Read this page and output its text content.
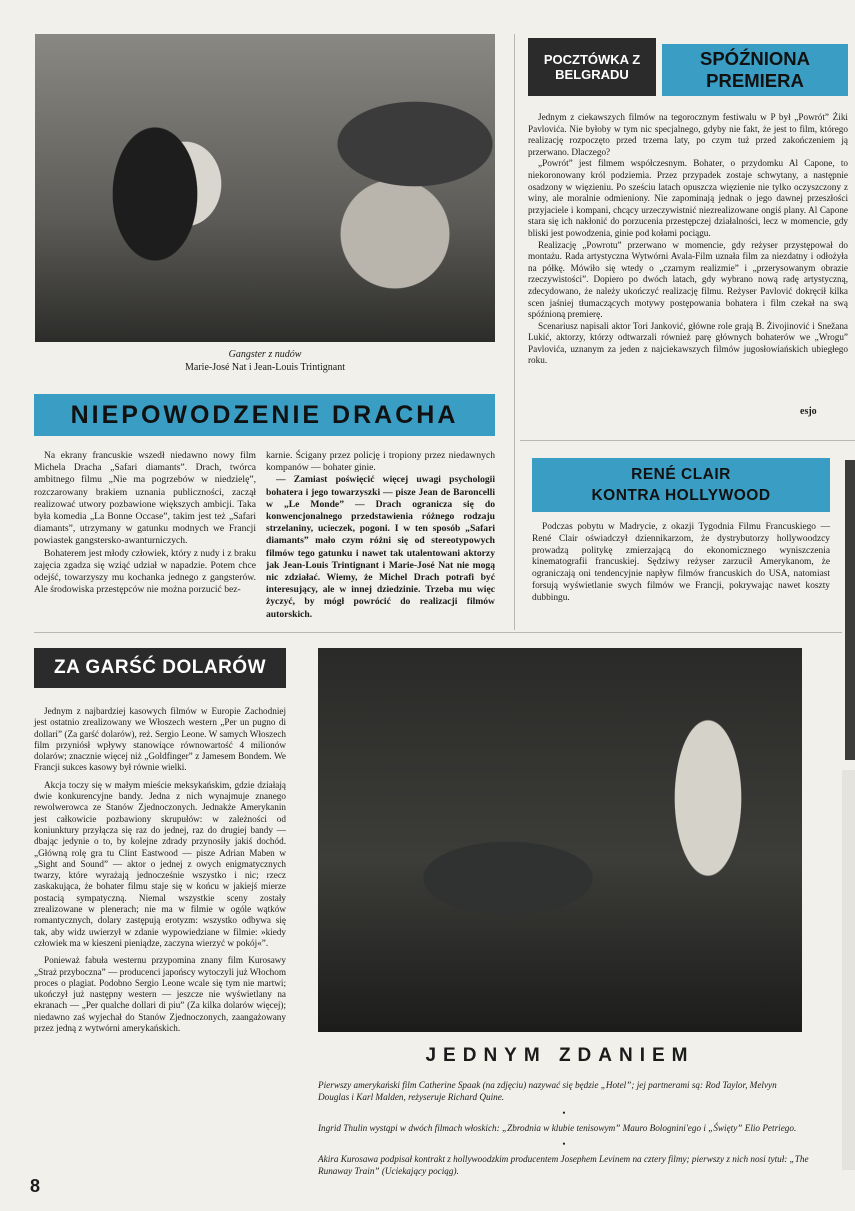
Gangster z nudów
Marie-José Nat i Jean-Louis Trintignant
NIEPOWODZENIE DRACHA

Na ekrany francuskie wszedł niedawno nowy film Michela Dracha „Safari diamants”. Drach, twórca ambitnego filmu „Nie ma pogrzebów w niedzielę”, rozczarowany brakiem uznania publiczności, zaczął realizować utwory pozbawione większych ambicji. Taka była komedia „La Bonne Occase”, takim jest też „Safari diamants”, utrzymany w gatunku modnych we Francji powiastek gangstersko-awanturniczych.

Bohaterem jest młody człowiek, który z nudy i z braku zajęcia zgadza się wziąć udział w napadzie. Potem chce odejść, towarzyszy mu kochanka jednego z gangsterów. Ale środowiska przestępców nie można porzucić bez-

karnie. Ścigany przez policję i tropiony przez niedawnych kompanów — bohater ginie.

— Zamiast poświęcić więcej uwagi psychologii bohatera i jego towarzyszki — pisze Jean de Baroncelli w „Le Monde” — Drach ogranicza się do konwencjonalnego przedstawienia różnego rodzaju strzelaniny, ucieczek, pogoni. I w ten sposób „Safari diamants” mało czym różni się od stereotypowych filmów tego gatunku i nawet tak utalentowani aktorzy jak Jean-Louis Trintignant i Marie-José Nat nie mogą nic zdziałać. Wiemy, że Michel Drach potrafi być interesujący, ale w innej dziedzinie. Trzeba mu więc życzyć, by mógł powrócić do realizacji filmów autorskich.

POCZTÓWKA Z BELGRADU
SPÓŹNIONA PREMIERA

Jednym z ciekawszych filmów na tegorocznym festiwalu w P był „Powrót” Żiki Pavlovića. Nie byłoby w tym nic specjalnego, gdyby nie fakt, że jest to film, którego realizację rozpoczęto przed trzema laty, po czym tuż przed zakończeniem ją przerwano. Dlaczego?

„Powrót” jest filmem współczesnym. Bohater, o przydomku Al Capone, to niekoronowany król podziemia. Przez przypadek zostaje schwytany, a następnie osadzony w więzieniu. Po sześciu latach opuszcza więzienie nie tylko oczyszczony z winy, ale moralnie odmieniony. Nie zapominają jednak o jego dawnej przeszłości przyjaciele i kompani, chcący urzeczywistnić niezrealizowane ongiś plany. Al Capone stara się ich nakłonić do porzucenia przestępczej działalności, lecz w momencie, gdy bliski jest powodzenia, ginie pod kołami pociągu.

Realizację „Powrotu” przerwano w momencie, gdy reżyser przystępował do montażu. Rada artystyczna Wytwórni Avala-Film uznała film za niezdatny i odłożyła na półkę. Mówiło się wtedy o „czarnym realizmie” i „przerysowanym obrazie rzeczywistości”. Dopiero po dwóch latach, gdy wybrano nową radę artystyczną, zdecydowano, że należy ukończyć realizację filmu. Reżyser Pavlović dokręcił kilka scen jaśniej tłumaczących motywy postępowania bohatera i film czekał na swą spóźnioną premierę.

Scenariusz napisali aktor Tori Janković, główne role grają B. Żivojinović i Snežana Lukić, aktorzy, którzy odtwarzali również parę głównych bohaterów we „Wrogu” Pavlovića, uznanym za jeden z najciekawszych filmów jugosłowiańskich ubiegłego roku.

esjo
RENÉ CLAIR
KONTRA HOLLYWOOD

Podczas pobytu w Madrycie, z okazji Tygodnia Filmu Francuskiego — René Clair oświadczył dziennikarzom, że dystrybutorzy hollywoodzcy prowadzą politykę zmierzającą do ekonomicznego wyniszczenia kinematografii francuskiej. Sędziwy reżyser zarzucił Amerykanom, że ograniczają oni tendencyjnie napływ filmów francuskich do USA, natomiast forsują wyświetlanie swych filmów we Francji, pokrywając nawet koszty dubbingu.

ZA GARŚĆ DOLARÓW

Jednym z najbardziej kasowych filmów w Europie Zachodniej jest ostatnio zrealizowany we Włoszech western „Per un pugno di dollari” (Za garść dolarów), reż. Sergio Leone. W samych Włoszech film przyniósł wpływy stanowiące równowartość 4 milionów dolarów; znacznie więcej niż „Goldfinger” z Jamesem Bondem. We Francji sukces kasowy był równie wielki.

Akcja toczy się w małym mieście meksykańskim, gdzie działają dwie konkurencyjne bandy. Jedna z nich wynajmuje znanego rewolwerowca ze Stanów Zjednoczonych. Jednakże Amerykanin jest całkowicie pozbawiony skrupułów: w zależności od koniunktury przyłącza się raz do jednej, raz do drugiej bandy — dbając jedynie o to, by kolejne zdrady przynosiły jakiś dochód. „Główną rolę gra tu Clint Eastwood — pisze Adrian Maben w „Sight and Sound” — aktor o jednej z owych enigmatycznych twarzy, które wyrażają jednocześnie wszystko i nic; rzecz zaskakująca, że bohater filmu staje się w końcu w jakiejś mierze postacią sympatyczną. Niemal wszystkie sceny zostały zrealizowane w plenerach; nie ma w filmie w ogóle wątków romantycznych, dolary zastępują erotyzm: wszystko odbywa się tak, aby widz uwierzył w zdanie wypowiedziane w filmie: »kiedy człowiek ma w kieszeni pieniądze, zaczyna wierzyć w pokój«”.

Ponieważ fabuła westernu przypomina znany film Kurosawy „Straż przyboczna” — producenci japońscy wytoczyli już Włochom proces o plagiat. Podobno Sergio Leone wcale się tym nie martwi; ukończył już następny western — jeszcze nie wyświetlany na ekranach — „Per qualche dollari di piu” (Za kilka dolarów więcej); niedawno zaś wyjechał do Stanów Zjednoczonych, zaangażowany przez jedną z wytwórni amerykańskich.

JEDNYM ZDANIEM

Pierwszy amerykański film Catherine Spaak (na zdjęciu) nazywać się będzie „Hotel”; jej partnerami są: Rod Taylor, Melvyn Douglas i Karl Malden, reżyseruje Richard Quine.

•

Ingrid Thulin wystąpi w dwóch filmach włoskich: „Zbrodnia w klubie tenisowym” Mauro Bolognini'ego i „Święty” Elio Petriego.

•

Akira Kurosawa podpisał kontrakt z hollywoodzkim producentem Josephem Levinem na cztery filmy; pierwszy z nich nosi tytuł: „The Runaway Train” (Uciekający pociąg).

8
